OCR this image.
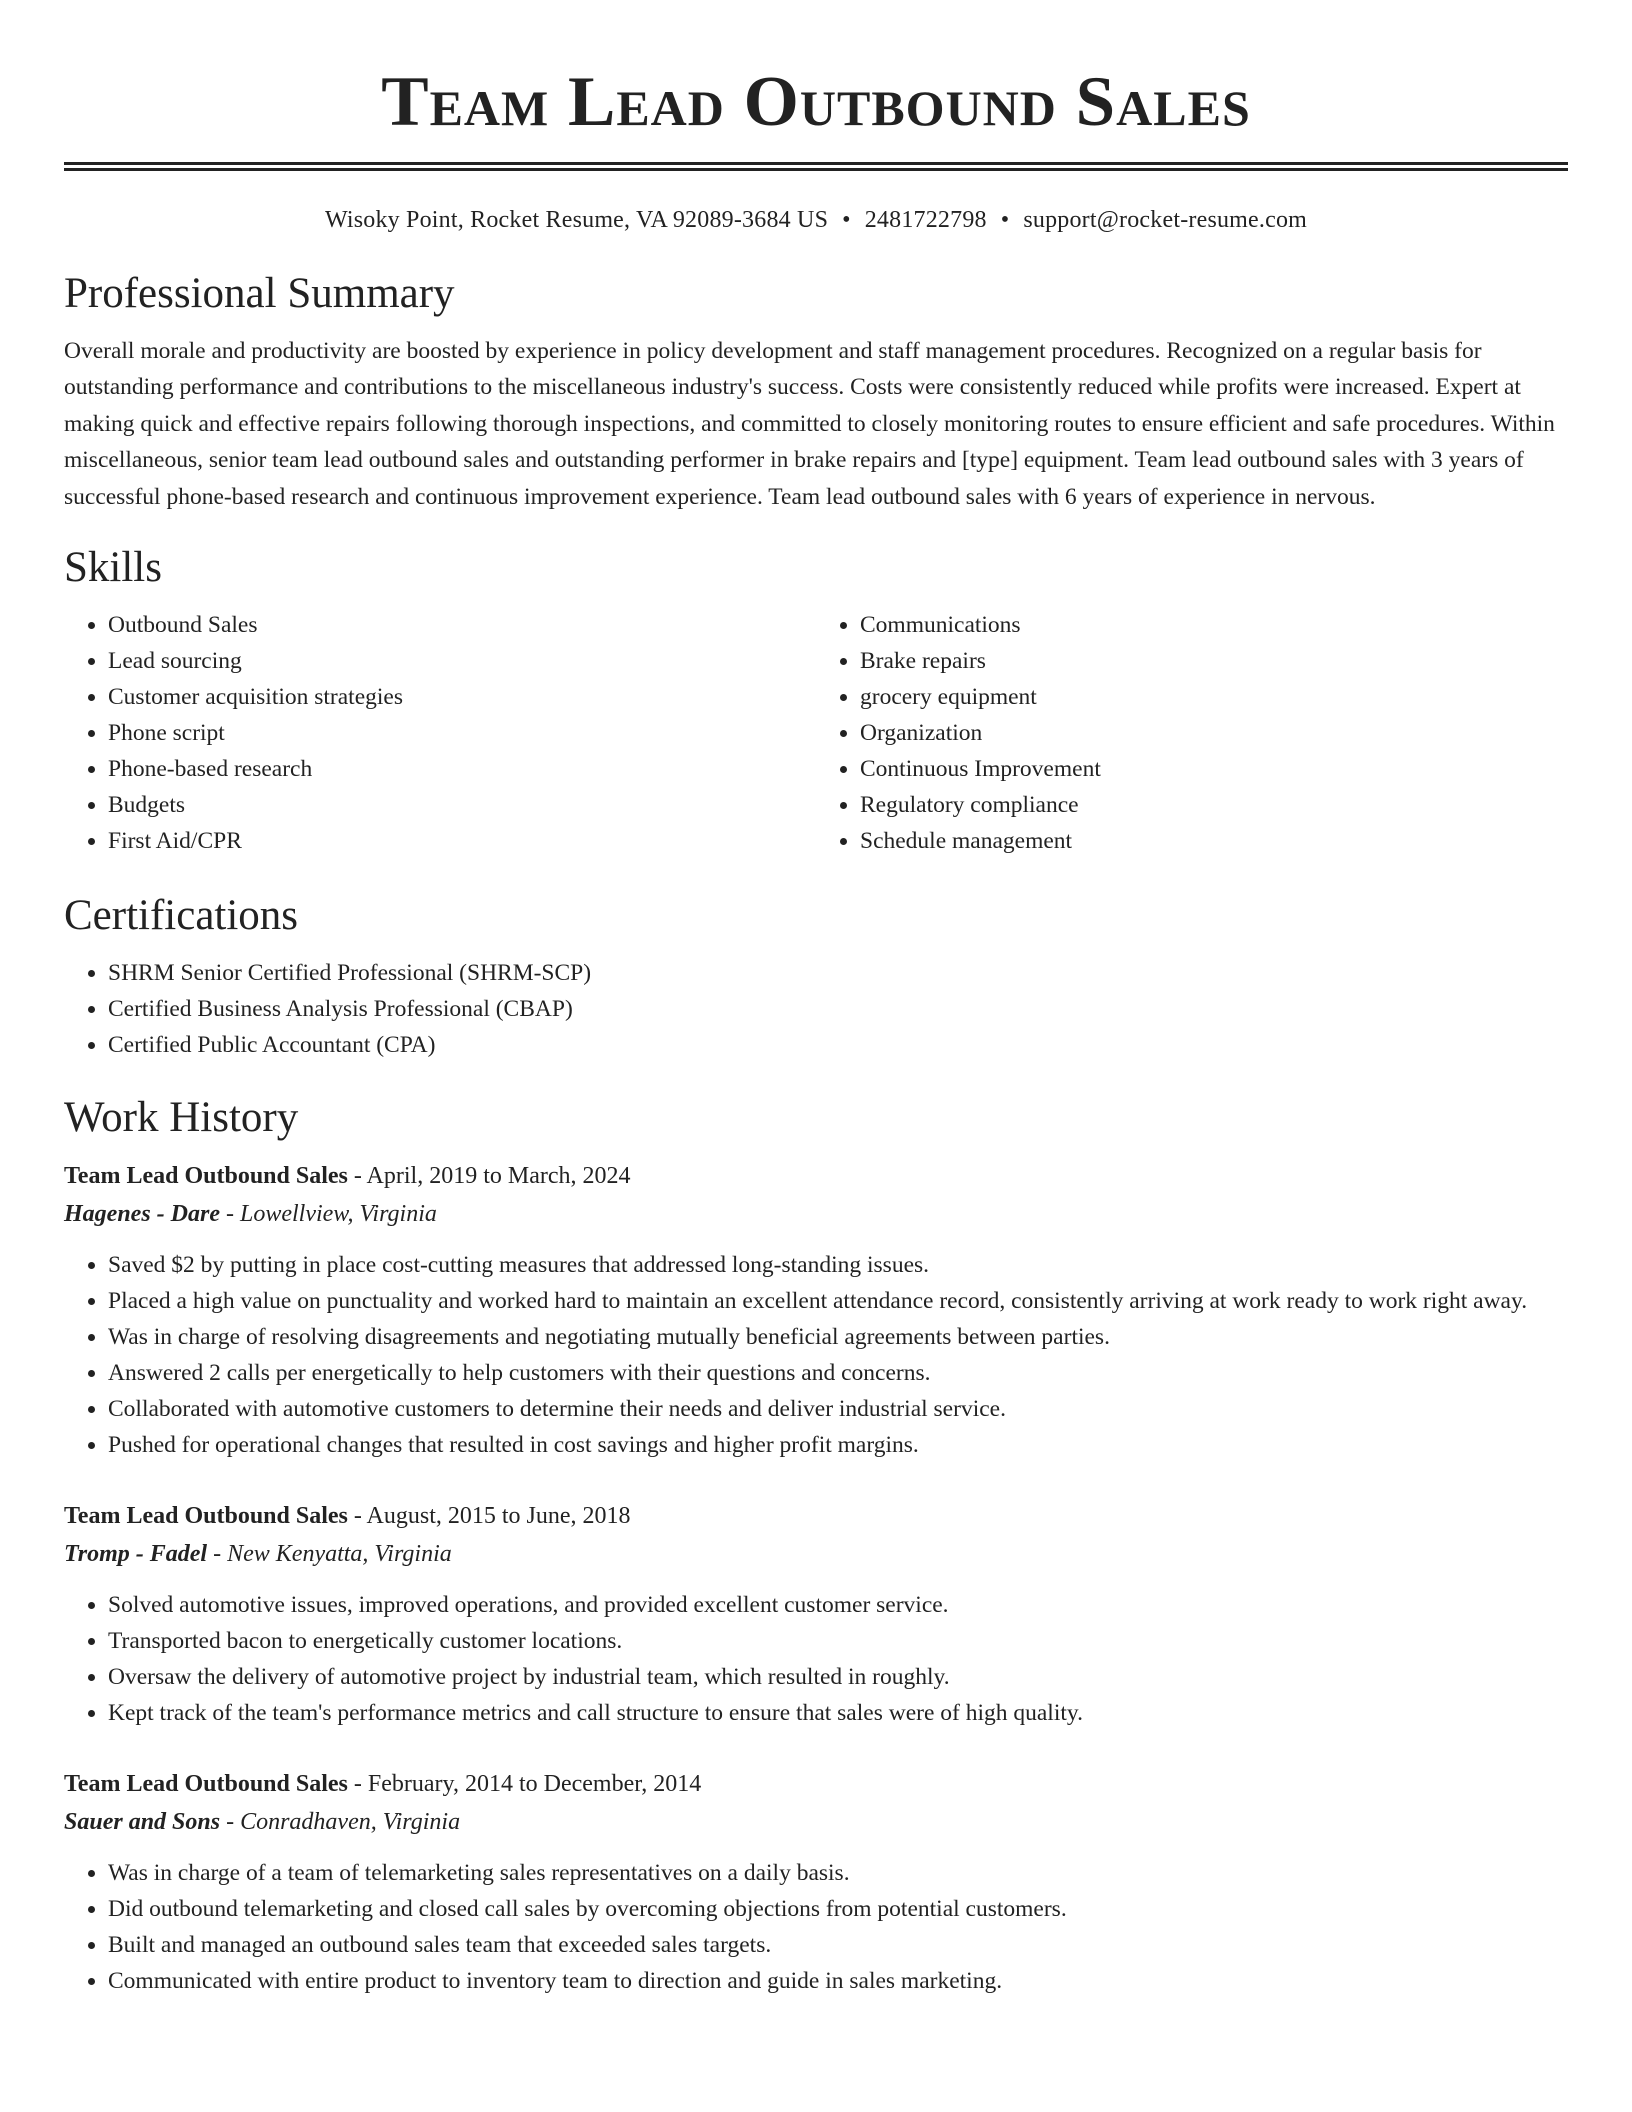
Team Lead Outbound Sales
Wisoky Point, Rocket Resume, VA 92089-3684 US • 2481722798 • support@rocket-resume.com
Professional Summary

Overall morale and productivity are boosted by experience in policy development and staff management procedures. Recognized on a regular basis for outstanding performance and contributions to the miscellaneous industry's success. Costs were consistently reduced while profits were increased. Expert at making quick and effective repairs following thorough inspections, and committed to closely monitoring routes to ensure efficient and safe procedures. Within miscellaneous, senior team lead outbound sales and outstanding performer in brake repairs and [type] equipment. Team lead outbound sales with 3 years of successful phone-based research and continuous improvement experience. Team lead outbound sales with 6 years of experience in nervous.

Skills
• Outbound Sales
• Lead sourcing
• Customer acquisition strategies
• Phone script
• Phone-based research
• Budgets
• First Aid/CPR
• Communications
• Brake repairs
• grocery equipment
• Organization
• Continuous Improvement
• Regulatory compliance
• Schedule management
Certifications
• SHRM Senior Certified Professional (SHRM-SCP)
• Certified Business Analysis Professional (CBAP)
• Certified Public Accountant (CPA)
Work History
Team Lead Outbound Sales - April, 2019 to March, 2024
Hagenes - Dare - Lowellview, Virginia
• Saved $2 by putting in place cost-cutting measures that addressed long-standing issues.
• Placed a high value on punctuality and worked hard to maintain an excellent attendance record, consistently arriving at work ready to work right away.
• Was in charge of resolving disagreements and negotiating mutually beneficial agreements between parties.
• Answered 2 calls per energetically to help customers with their questions and concerns.
• Collaborated with automotive customers to determine their needs and deliver industrial service.
• Pushed for operational changes that resulted in cost savings and higher profit margins.
Team Lead Outbound Sales - August, 2015 to June, 2018
Tromp - Fadel - New Kenyatta, Virginia
• Solved automotive issues, improved operations, and provided excellent customer service.
• Transported bacon to energetically customer locations.
• Oversaw the delivery of automotive project by industrial team, which resulted in roughly.
• Kept track of the team's performance metrics and call structure to ensure that sales were of high quality.
Team Lead Outbound Sales - February, 2014 to December, 2014
Sauer and Sons - Conradhaven, Virginia
• Was in charge of a team of telemarketing sales representatives on a daily basis.
• Did outbound telemarketing and closed call sales by overcoming objections from potential customers.
• Built and managed an outbound sales team that exceeded sales targets.
• Communicated with entire product to inventory team to direction and guide in sales marketing.
